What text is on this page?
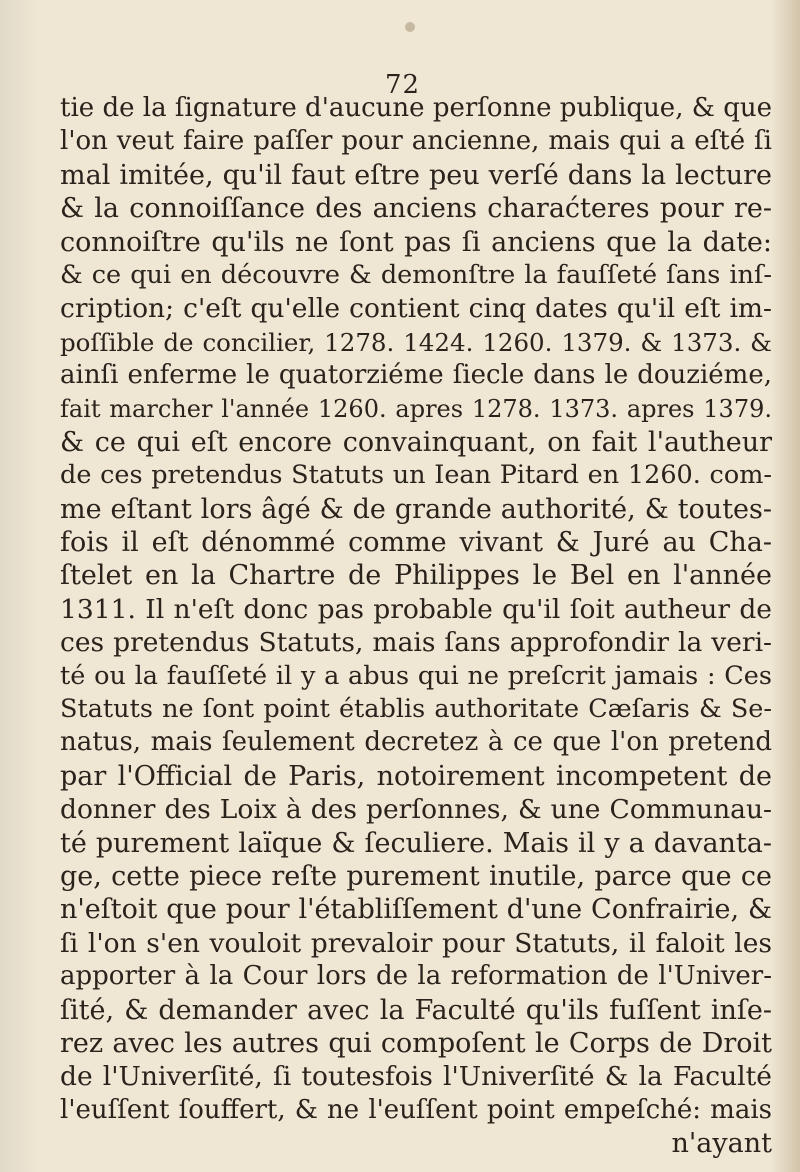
72
tie de la ſignature d'aucune perſonne publique, & que
l'on veut faire paſſer pour ancienne, mais qui a eſté ſi
mal imitée, qu'il faut eſtre peu verſé dans la lecture
& la connoiſſance des anciens charaćteres pour re-
connoiſtre qu'ils ne ſont pas ſi anciens que la date:
& ce qui en découvre & demonſtre la fauſſeté ſans inſ-
cription; c'eſt qu'elle contient cinq dates qu'il eſt im-
poſſible de concilier, 1278. 1424. 1260. 1379. & 1373. &
ainſi enferme le quatorziéme ſiecle dans le douziéme,
fait marcher l'année 1260. apres 1278. 1373. apres 1379.
& ce qui eſt encore convainquant, on fait l'autheur
de ces pretendus Statuts un Iean Pitard en 1260. com-
me eſtant lors âgé & de grande authorité, & toutes-
fois il eſt dénommé comme vivant & Juré au Cha-
ſtelet en la Chartre de Philippes le Bel en l'année
1311. Il n'eſt donc pas probable qu'il ſoit autheur de
ces pretendus Statuts, mais ſans approfondir la veri-
té ou la fauſſeté il y a abus qui ne preſcrit jamais : Ces
Statuts ne ſont point établis authoritate Cæſaris & Se-
natus, mais ſeulement decretez à ce que l'on pretend
par l'Official de Paris, notoirement incompetent de
donner des Loix à des perſonnes, & une Communau-
té purement laïque & ſeculiere. Mais il y a davanta-
ge, cette piece reſte purement inutile, parce que ce
n'eſtoit que pour l'établiſſement d'une Confrairie, &
ſi l'on s'en vouloit prevaloir pour Statuts, il faloit les
apporter à la Cour lors de la reformation de l'Univer-
ſité, & demander avec la Faculté qu'ils fuſſent inſe-
rez avec les autres qui compoſent le Corps de Droit
de l'Univerſité, ſi toutesfois l'Univerſité & la Faculté
l'euſſent ſouffert, & ne l'euſſent point empeſché: mais
n'ayant
